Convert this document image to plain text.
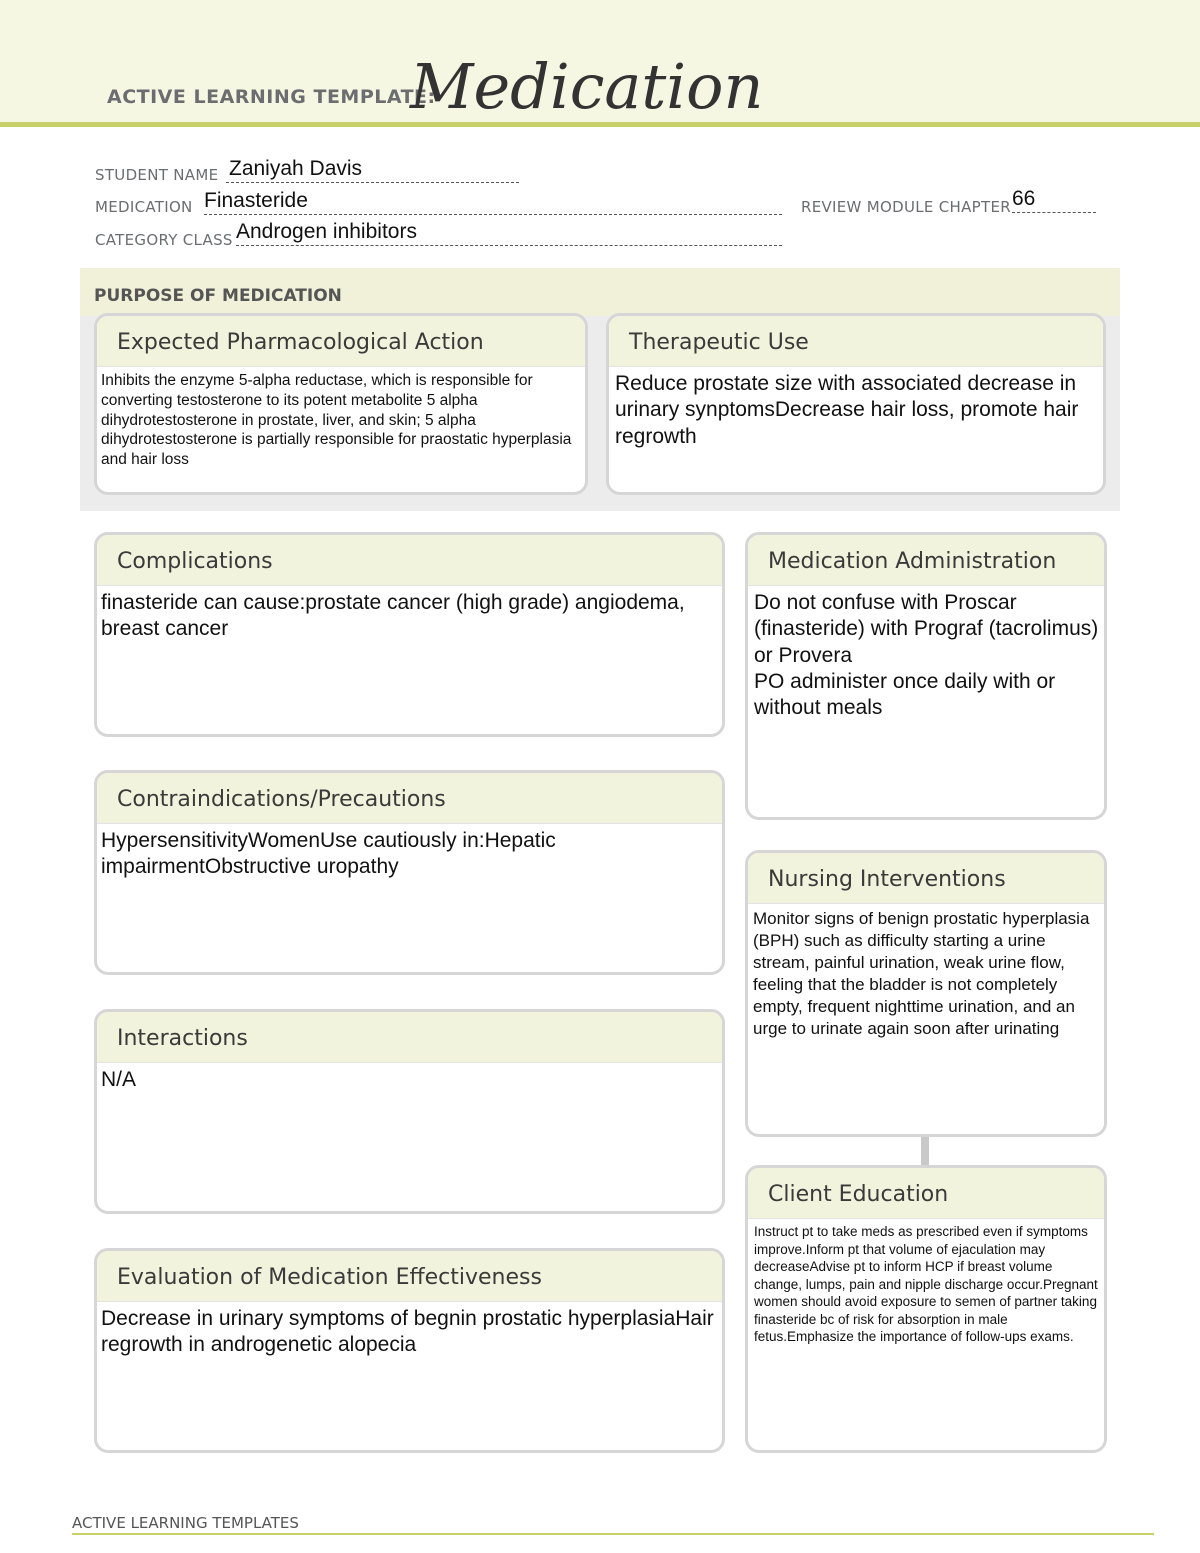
ACTIVE LEARNING TEMPLATE:
Medication
STUDENT NAME Zaniyah Davis
MEDICATION Finasteride	REVIEW MODULE CHAPTER 66
CATEGORY CLASS Androgen inhibitors
PURPOSE OF MEDICATION
Expected Pharmacological Action
Inhibits the enzyme 5-alpha reductase, which is responsible for converting testosterone to its potent metabolite 5 alpha dihydrotestosterone in prostate, liver, and skin; 5 alpha dihydrotestosterone is partially responsible for praostatic hyperplasia and hair loss
Therapeutic Use
Reduce prostate size with associated decrease in urinary synptomsDecrease hair loss, promote hair regrowth
Complications
finasteride can cause:prostate cancer (high grade) angiodema, breast cancer
Contraindications/Precautions
HypersensitivityWomenUse cautiously in:Hepatic impairmentObstructive uropathy
Interactions
N/A
Evaluation of Medication Effectiveness
Decrease in urinary symptoms of begnin prostatic hyperplasiaHair regrowth in androgenetic alopecia
Medication Administration
Do not confuse with Proscar (finasteride) with Prograf (tacrolimus) or Provera
PO administer once daily with or without meals
Nursing Interventions
Monitor signs of benign prostatic hyperplasia (BPH) such as difficulty starting a urine stream, painful urination, weak urine flow, feeling that the bladder is not completely empty, frequent nighttime urination, and an urge to urinate again soon after urinating
Client Education
Instruct pt to take meds as prescribed even if symptoms improve.Inform pt that volume of ejaculation may decreaseAdvise pt to inform HCP if breast volume change, lumps, pain and nipple discharge occur.Pregnant women should avoid exposure to semen of partner taking finasteride bc of risk for absorption in male fetus.Emphasize the importance of follow-ups exams.
ACTIVE LEARNING TEMPLATES
